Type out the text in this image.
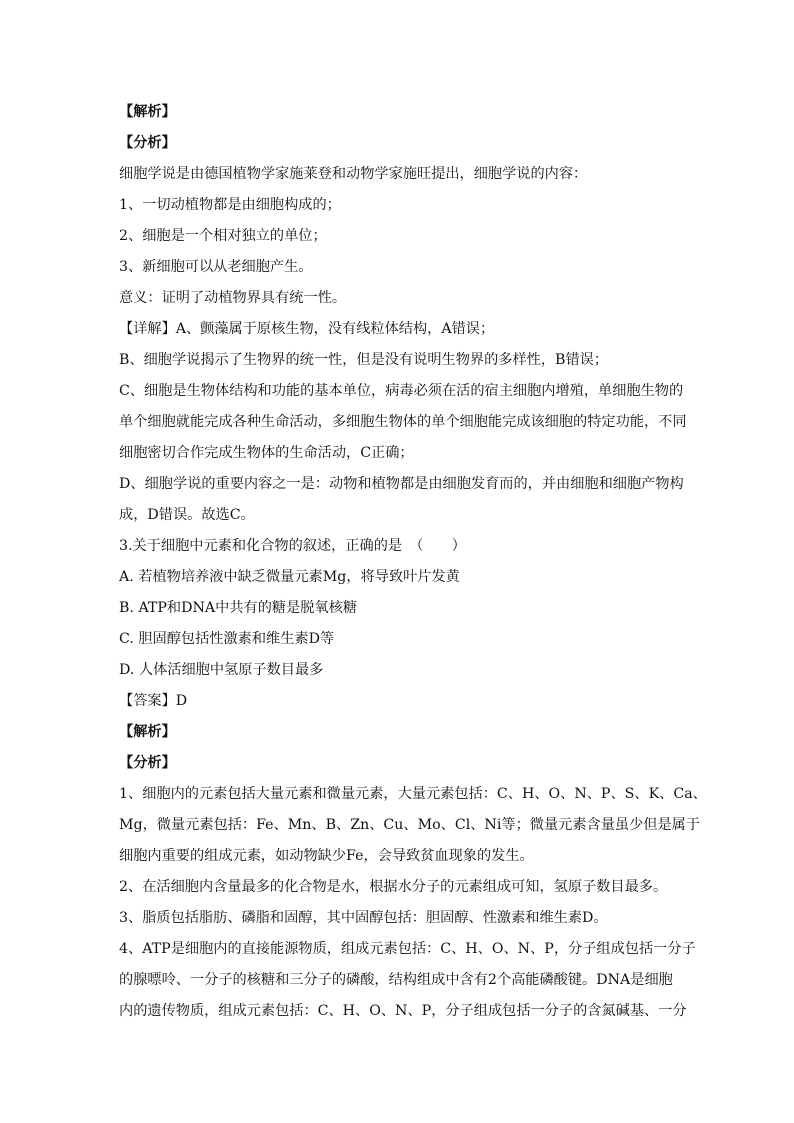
【解析】
【分析】
细胞学说是由德国植物学家施莱登和动物学家施旺提出，细胞学说的内容：
1、一切动植物都是由细胞构成的；
2、细胞是一个相对独立的单位；
3、新细胞可以从老细胞产生。
意义：证明了动植物界具有统一性。
【详解】A、颤藻属于原核生物，没有线粒体结构，A错误；
B、细胞学说揭示了生物界的统一性，但是没有说明生物界的多样性，B错误；
C、细胞是生物体结构和功能的基本单位，病毒必须在活的宿主细胞内增殖，单细胞生物的
单个细胞就能完成各种生命活动，多细胞生物体的单个细胞能完成该细胞的特定功能，不同
细胞密切合作完成生物体的生命活动，C正确；
D、细胞学说的重要内容之一是：动物和植物都是由细胞发育而的，并由细胞和细胞产物构
成，D错误。故选C。
3.关于细胞中元素和化合物的叙述，正确的是　（　　）
A. 若植物培养液中缺乏微量元素Mg，将导致叶片发黄
B. ATP和DNA中共有的糖是脱氧核糖
C. 胆固醇包括性激素和维生素D等
D. 人体活细胞中氢原子数目最多
【答案】D
【解析】
【分析】
1、细胞内的元素包括大量元素和微量元素，大量元素包括：C、H、O、N、P、S、K、Ca、
Mg，微量元素包括：Fe、Mn、B、Zn、Cu、Mo、Cl、Ni等；微量元素含量虽少但是属于
细胞内重要的组成元素，如动物缺少Fe，会导致贫血现象的发生。
2、在活细胞内含量最多的化合物是水，根据水分子的元素组成可知，氢原子数目最多。
3、脂质包括脂肪、磷脂和固醇，其中固醇包括：胆固醇、性激素和维生素D。
4、ATP是细胞内的直接能源物质，组成元素包括：C、H、O、N、P，分子组成包括一分子
的腺嘌呤、一分子的核糖和三分子的磷酸，结构组成中含有2个高能磷酸键。DNA是细胞
内的遗传物质，组成元素包括：C、H、O、N、P，分子组成包括一分子的含氮碱基、一分
